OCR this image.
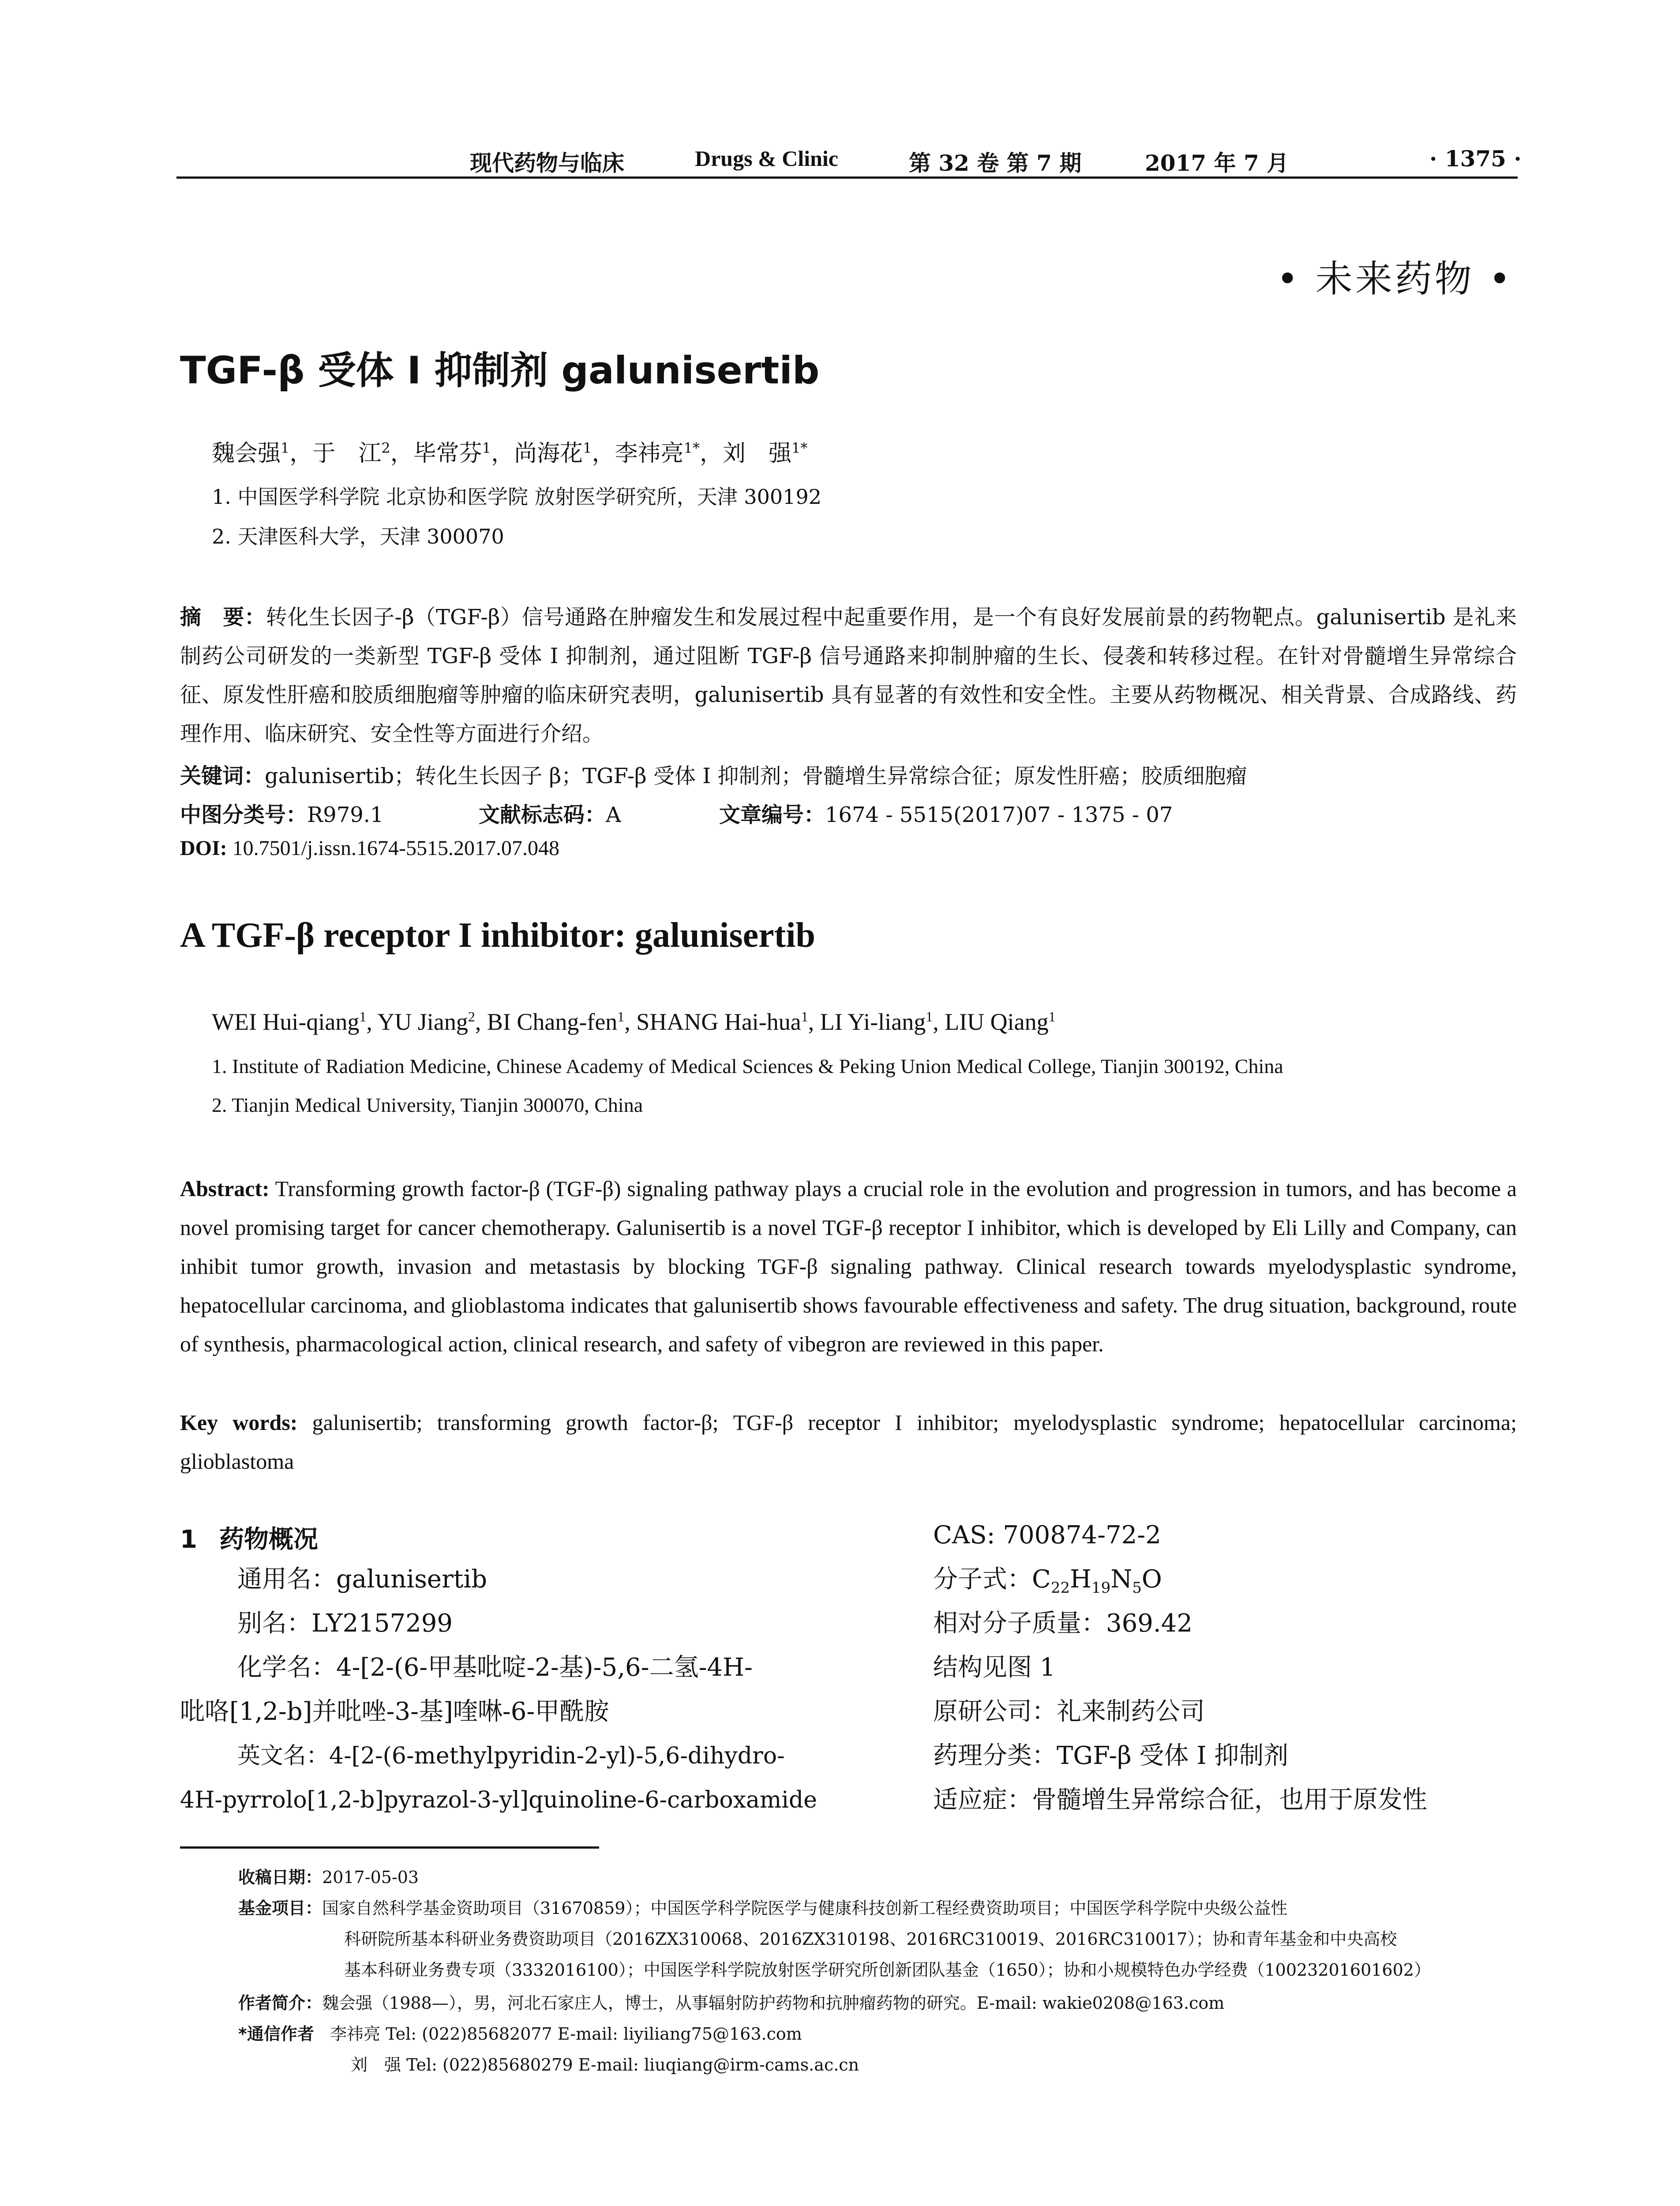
现代药物与临床	Drugs & Clinic	第 32 卷 第 7 期	2017 年 7 月	· 1375 ·
• 未来药物 •
TGF-β 受体 I 抑制剂 galunisertib
魏会强$^1$，于　江$^2$，毕常芬$^1$，尚海花$^1$，李祎亮$^{1*}$，刘　强$^{1*}$
1. 中国医学科学院 北京协和医学院 放射医学研究所，天津 300192
2. 天津医科大学，天津 300070

摘　要：转化生长因子-β（TGF-β）信号通路在肿瘤发生和发展过程中起重要作用，是一个有良好发展前景的药物靶点。galunisertib 是礼来制药公司研发的一类新型 TGF-β 受体 I 抑制剂，通过阻断 TGF-β 信号通路来抑制肿瘤的生长、侵袭和转移过程。在针对骨髓增生异常综合征、原发性肝癌和胶质细胞瘤等肿瘤的临床研究表明，galunisertib 具有显著的有效性和安全性。主要从药物概况、相关背景、合成路线、药理作用、临床研究、安全性等方面进行介绍。

关键词：galunisertib；转化生长因子 β；TGF-β 受体 I 抑制剂；骨髓增生异常综合征；原发性肝癌；胶质细胞瘤
中图分类号：R979.1	文献标志码：A	文章编号：1674 - 5515(2017)07 - 1375 - 07
DOI: 10.7501/j.issn.1674-5515.2017.07.048
A TGF-β receptor I inhibitor: galunisertib
WEI Hui-qiang$^1$, YU Jiang$^2$, BI Chang-fen$^1$, SHANG Hai-hua$^1$, LI Yi-liang$^1$, LIU Qiang$^1$
1. Institute of Radiation Medicine, Chinese Academy of Medical Sciences & Peking Union Medical College, Tianjin 300192, China
2. Tianjin Medical University, Tianjin 300070, China

Abstract: Transforming growth factor-β (TGF-β) signaling pathway plays a crucial role in the evolution and progression in tumors, and has become a novel promising target for cancer chemotherapy. Galunisertib is a novel TGF-β receptor I inhibitor, which is developed by Eli Lilly and Company, can inhibit tumor growth, invasion and metastasis by blocking TGF-β signaling pathway. Clinical research towards myelodysplastic syndrome, hepatocellular carcinoma, and glioblastoma indicates that galunisertib shows favourable effectiveness and safety. The drug situation, background, route of synthesis, pharmacological action, clinical research, and safety of vibegron are reviewed in this paper.

Key words: galunisertib; transforming growth factor-β; TGF-β receptor I inhibitor; myelodysplastic syndrome; hepatocellular carcinoma; glioblastoma

1 药物概况
通用名：galunisertib
别名：LY2157299
化学名：4-[2-(6-甲基吡啶-2-基)-5,6-二氢-4H-
吡咯[1,2-b]并吡唑-3-基]喹啉-6-甲酰胺
英文名：4-[2-(6-methylpyridin-2-yl)-5,6-dihydro-
4H-pyrrolo[1,2-b]pyrazol-3-yl]quinoline-6-carboxamide
CAS: 700874-72-2
分子式：$C_{22}H_{19}N_5O$
相对分子质量：369.42
结构见图 1
原研公司：礼来制药公司
药理分类：TGF-β 受体 I 抑制剂
适应症：骨髓增生异常综合征，也用于原发性
收稿日期：2017-05-03
基金项目：国家自然科学基金资助项目（31670859）；中国医学科学院医学与健康科技创新工程经费资助项目；中国医学科学院中央级公益性
科研院所基本科研业务费资助项目（2016ZX310068、2016ZX310198、2016RC310019、2016RC310017）；协和青年基金和中央高校
基本科研业务费专项（3332016100）；中国医学科学院放射医学研究所创新团队基金（1650）；协和小规模特色办学经费（10023201601602）
作者简介：魏会强（1988—），男，河北石家庄人，博士，从事辐射防护药物和抗肿瘤药物的研究。E-mail: wakie0208@163.com
*通信作者 李祎亮 Tel: (022)85682077 E-mail: liyiliang75@163.com
刘　强 Tel: (022)85680279 E-mail: liuqiang@irm-cams.ac.cn
